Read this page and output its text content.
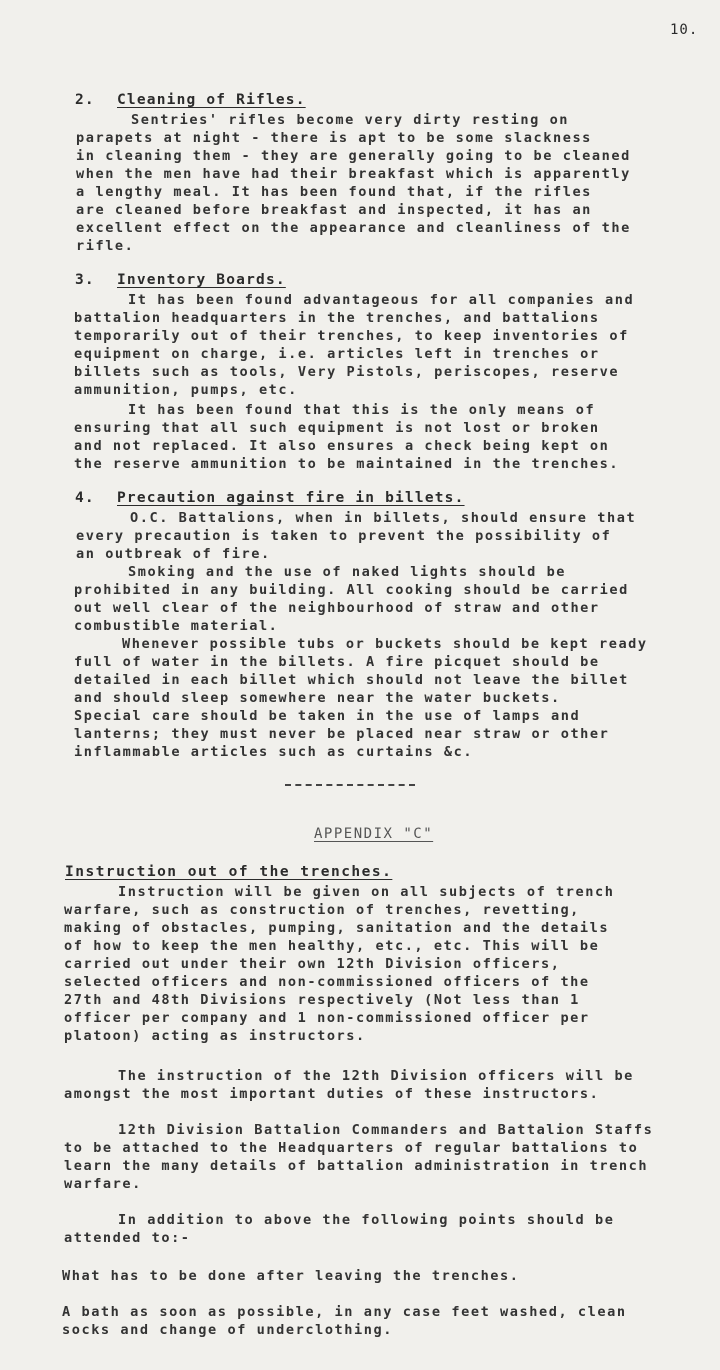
10.
2. Cleaning of Rifles.
Sentries' rifles become very dirty resting on
parapets at night - there is apt to be some slackness
in cleaning them - they are generally going to be cleaned
when the men have had their breakfast which is apparently
a lengthy meal. It has been found that, if the rifles
are cleaned before breakfast and inspected, it has an
excellent effect on the appearance and cleanliness of the
rifle.
3. Inventory Boards.
It has been found advantageous for all companies and
battalion headquarters in the trenches, and battalions
temporarily out of their trenches, to keep inventories of
equipment on charge, i.e. articles left in trenches or
billets such as tools, Very Pistols, periscopes, reserve
ammunition, pumps, etc.
It has been found that this is the only means of
ensuring that all such equipment is not lost or broken
and not replaced. It also ensures a check being kept on
the reserve ammunition to be maintained in the trenches.
4. Precaution against fire in billets.
O.C. Battalions, when in billets, should ensure that
every precaution is taken to prevent the possibility of
an outbreak of fire.
Smoking and the use of naked lights should be
prohibited in any building. All cooking should be carried
out well clear of the neighbourhood of straw and other
combustible material.
Whenever possible tubs or buckets should be kept ready
full of water in the billets. A fire picquet should be
detailed in each billet which should not leave the billet
and should sleep somewhere near the water buckets.
Special care should be taken in the use of lamps and
lanterns; they must never be placed near straw or other
inflammable articles such as curtains &c.
APPENDIX "C"
Instruction out of the trenches.
Instruction will be given on all subjects of trench
warfare, such as construction of trenches, revetting,
making of obstacles, pumping, sanitation and the details
of how to keep the men healthy, etc., etc. This will be
carried out under their own 12th Division officers,
selected officers and non-commissioned officers of the
27th and 48th Divisions respectively (Not less than 1
officer per company and 1 non-commissioned officer per
platoon) acting as instructors.
The instruction of the 12th Division officers will be
amongst the most important duties of these instructors.
12th Division Battalion Commanders and Battalion Staffs
to be attached to the Headquarters of regular battalions to
learn the many details of battalion administration in trench
warfare.
In addition to above the following points should be
attended to:-
What has to be done after leaving the trenches.
A bath as soon as possible, in any case feet washed, clean
socks and change of underclothing.
